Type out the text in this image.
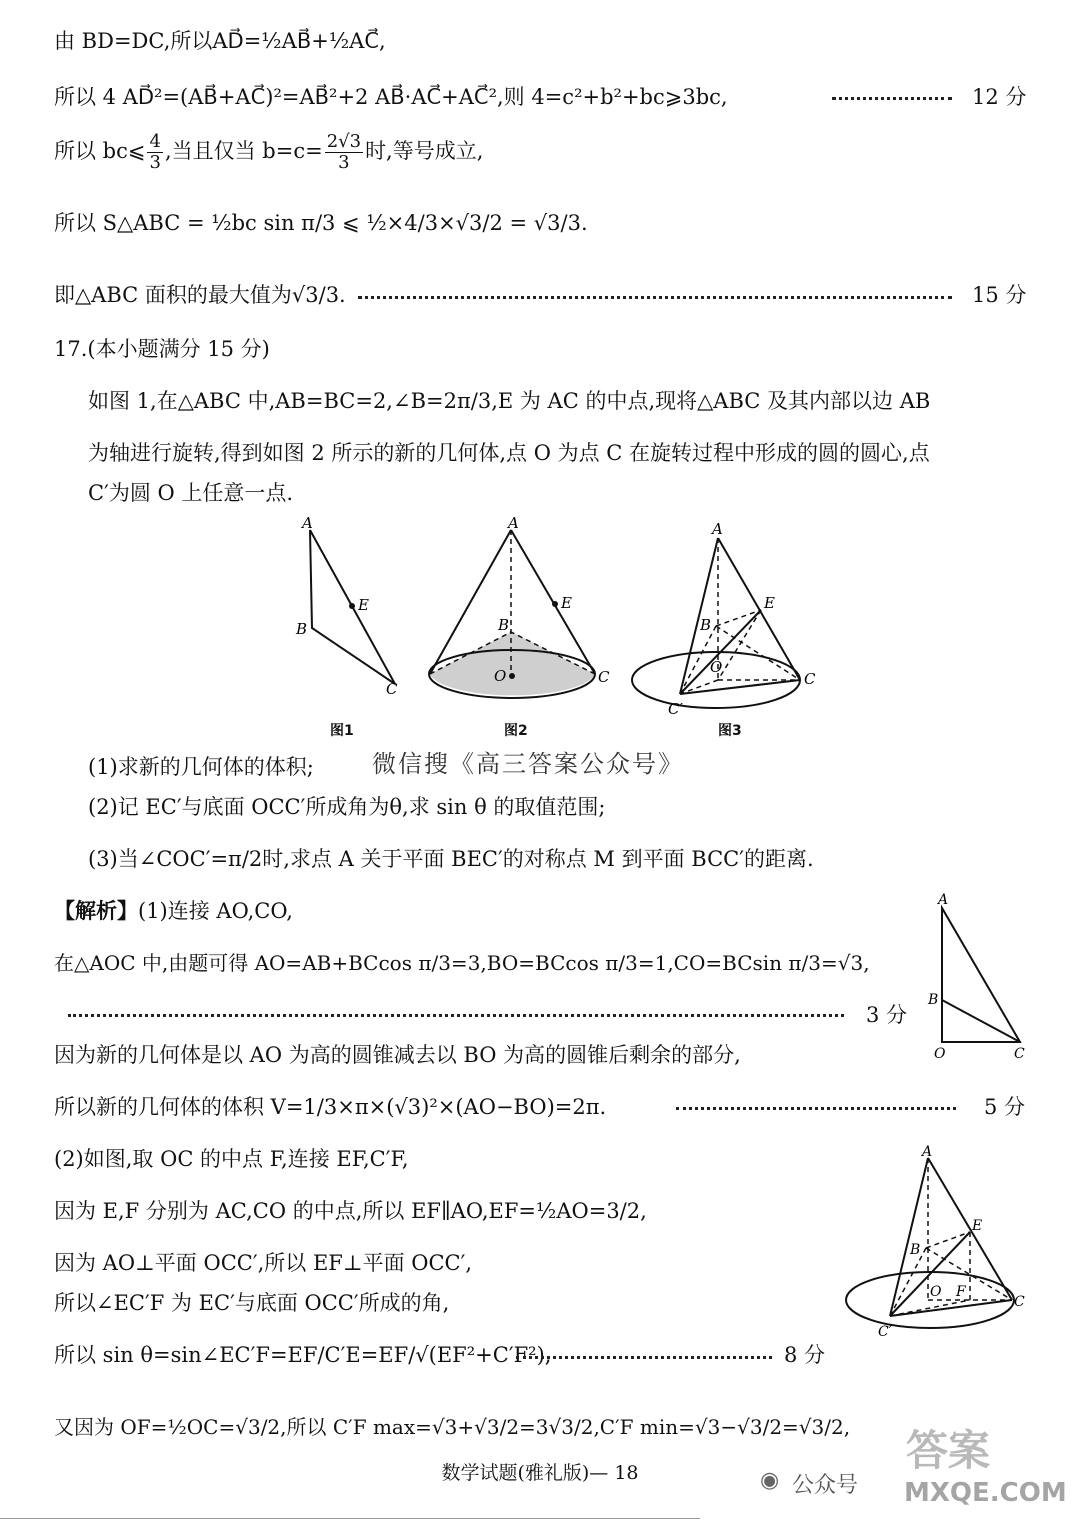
由 BD=DC,所以AD⃗=½AB⃗+½AC⃗,
所以 4 AD⃗²=(AB⃗+AC⃗)²=AB⃗²+2 AB⃗·AC⃗+AC⃗²,则 4=c²+b²+bc⩾3bc,	12 分
所以 bc⩽ $\frac{4}{3}$ ,当且仅当 $b=c= \frac{2√3}{3}$ 时,等号成立,
所以 S△ABC = ½bc sin π/3 ⩽ ½×4/3×√3/2 = √3/3.
即△ABC 面积的最大值为√3/3.	15 分
17.(本小题满分 15 分)
如图 1,在△ABC 中,AB=BC=2,∠B=2π/3,E 为 AC 的中点,现将△ABC 及其内部以边 AB
为轴进行旋转,得到如图 2 所示的新的几何体,点 O 为点 C 在旋转过程中形成的圆的圆心,点
C′为圆 O 上任意一点.
A
E
B
C
图1
A
E
B
O	C
图2
A
E
B
O
C
C′
图3
(1)求新的几何体的体积; 微信搜《高三答案公众号》
(2)记 EC′与底面 OCC′所成角为θ,求 sin θ 的取值范围;
(3)当∠COC′=π/2时,求点 A 关于平面 BEC′的对称点 M 到平面 BCC′的距离.
【解析】(1)连接 AO,CO,
在△AOC 中,由题可得 AO=AB+BCcos π/3=3,BO=BCcos π/3=1,CO=BCsin π/3=√3,
3 分
因为新的几何体是以 AO 为高的圆锥减去以 BO 为高的圆锥后剩余的部分,
所以新的几何体的体积 V=1/3×π×(√3)²×(AO−BO)=2π.	5 分
A
B
O	C
(2)如图,取 OC 的中点 F,连接 EF,C′F,
因为 E,F 分别为 AC,CO 的中点,所以 EF∥AO,EF=½AO=3/2,
因为 AO⊥平面 OCC′,所以 EF⊥平面 OCC′,
所以∠EC′F 为 EC′与底面 OCC′所成的角,
所以 sin θ=sin∠EC′F=EF/C′E=EF/√(EF²+C′F²),	8 分
又因为 OF=½OC=√3/2,所以 C′F max=√3+√3/2=3√3/2,C′F min=√3−√3/2=√3/2,
A
E
B
O F
C
C′
数学试题(雅礼版)— 18	◉ 公众号
答案
MXQE.COM
